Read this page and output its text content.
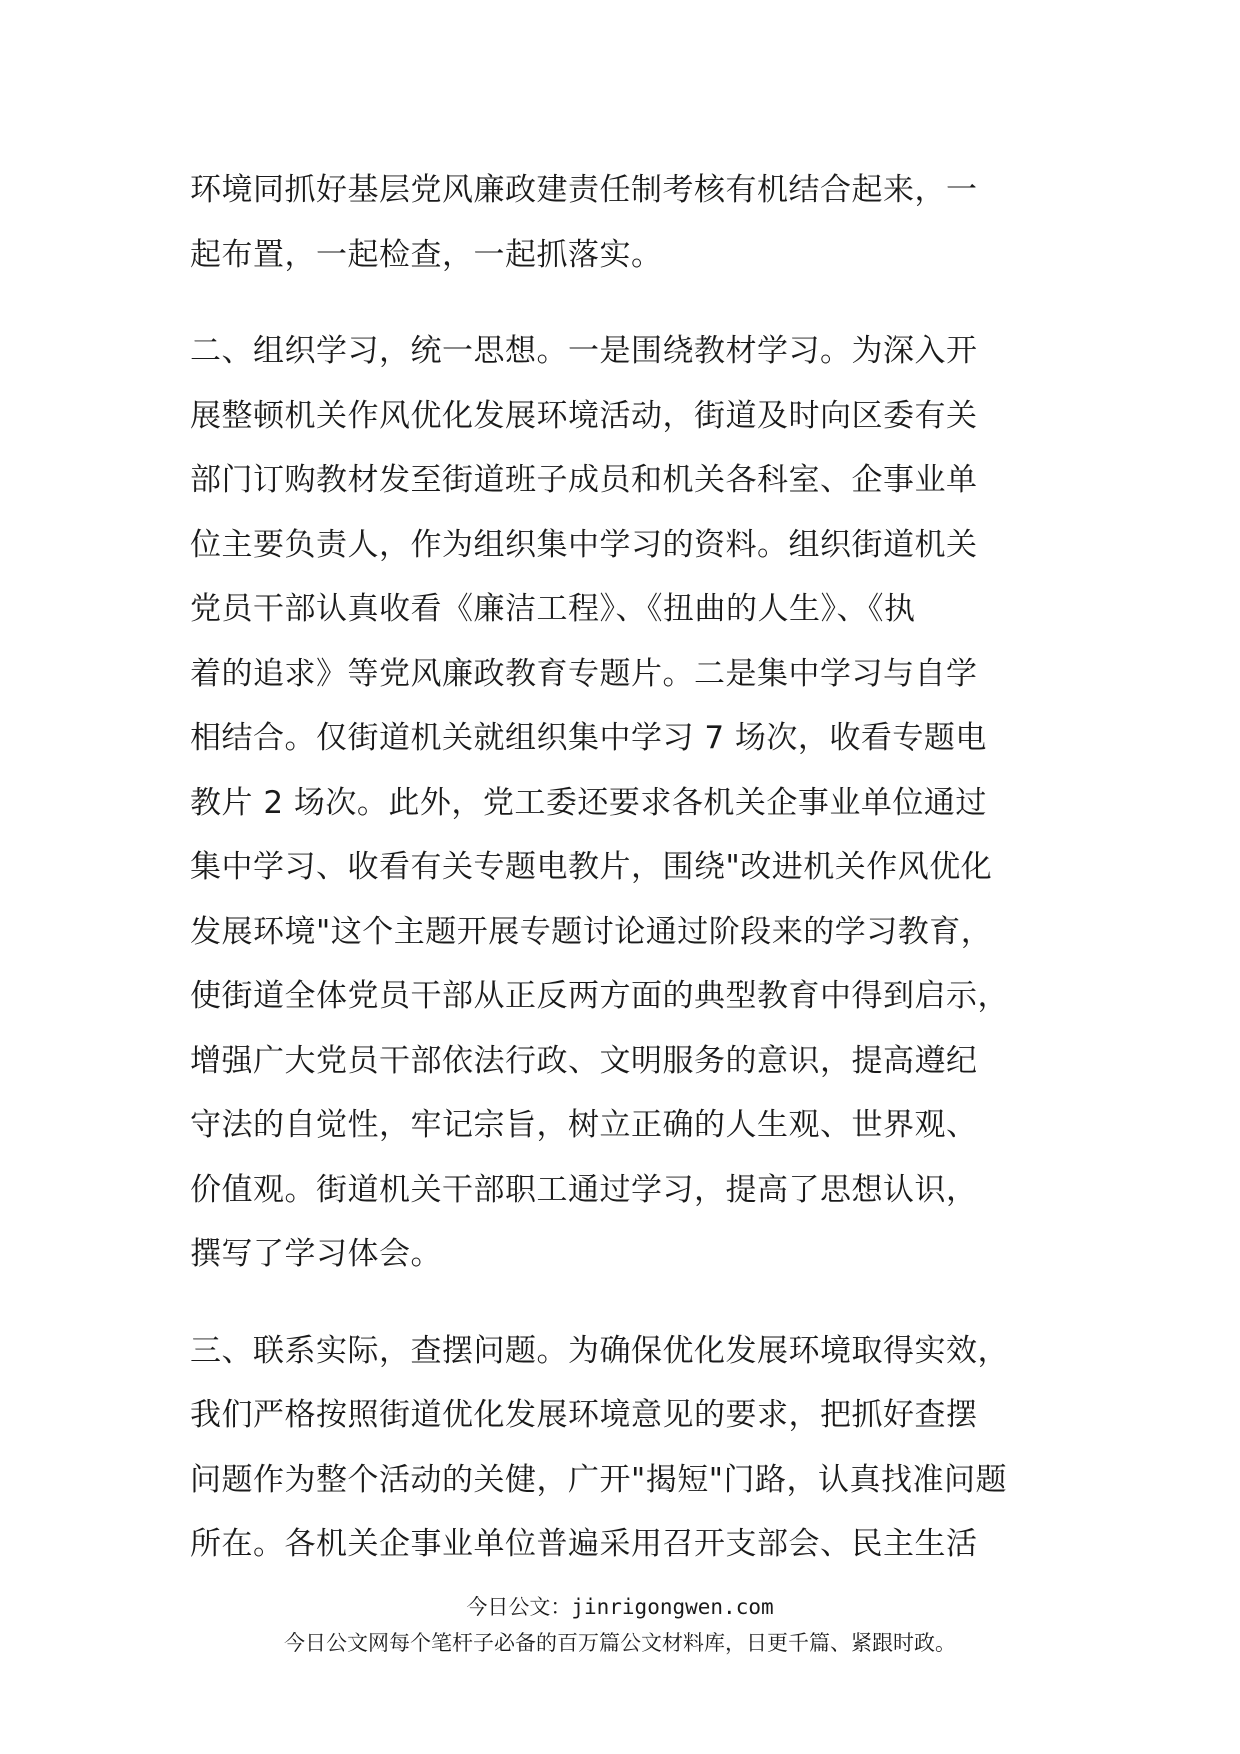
环境同抓好基层党风廉政建责任制考核有机结合起来，一
起布置，一起检查，一起抓落实。
二、组织学习，统一思想。一是围绕教材学习。为深入开
展整顿机关作风优化发展环境活动，街道及时向区委有关
部门订购教材发至街道班子成员和机关各科室、企事业单
位主要负责人，作为组织集中学习的资料。组织街道机关
党员干部认真收看《廉洁工程》、《扭曲的人生》、《执
着的追求》等党风廉政教育专题片。二是集中学习与自学
相结合。仅街道机关就组织集中学习 7 场次，收看专题电
教片 2 场次。此外，党工委还要求各机关企事业单位通过
集中学习、收看有关专题电教片，围绕"改进机关作风优化
发展环境"这个主题开展专题讨论通过阶段来的学习教育，
使街道全体党员干部从正反两方面的典型教育中得到启示，
增强广大党员干部依法行政、文明服务的意识，提高遵纪
守法的自觉性，牢记宗旨，树立正确的人生观、世界观、
价值观。街道机关干部职工通过学习，提高了思想认识，
撰写了学习体会。
三、联系实际，查摆问题。为确保优化发展环境取得实效，
我们严格按照街道优化发展环境意见的要求，把抓好查摆
问题作为整个活动的关健，广开"揭短"门路，认真找准问题
所在。各机关企事业单位普遍采用召开支部会、民主生活
今日公文：jinrigongwen.com
今日公文网每个笔杆子必备的百万篇公文材料库，日更千篇、紧跟时政。
